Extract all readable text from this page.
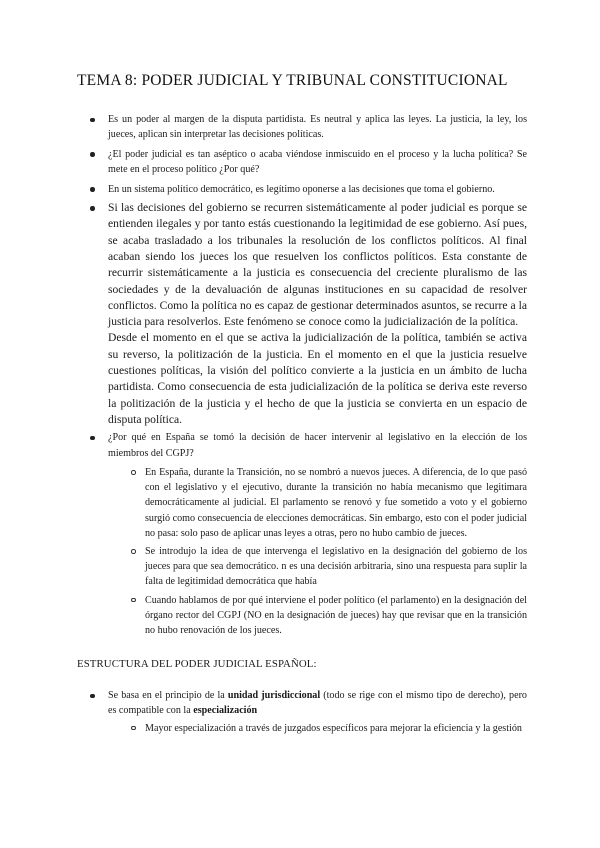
TEMA 8: PODER JUDICIAL Y TRIBUNAL CONSTITUCIONAL
Es un poder al margen de la disputa partidista. Es neutral y aplica las leyes. La justicia, la ley, los jueces, aplican sin interpretar las decisiones políticas.
¿El poder judicial es tan aséptico o acaba viéndose inmiscuido en el proceso y la lucha política? Se mete en el proceso político ¿Por qué?
En un sistema político democrático, es legítimo oponerse a las decisiones que toma el gobierno.

Si las decisiones del gobierno se recurren sistemáticamente al poder judicial es porque se entienden ilegales y por tanto estás cuestionando la legitimidad de ese gobierno. Así pues, se acaba trasladado a los tribunales la resolución de los conflictos políticos. Al final acaban siendo los jueces los que resuelven los conflictos políticos. Esta constante de recurrir sistemáticamente a la justicia es consecuencia del creciente pluralismo de las sociedades y de la devaluación de algunas instituciones en su capacidad de resolver conflictos. Como la política no es capaz de gestionar determinados asuntos, se recurre a la justicia para resolverlos. Este fenómeno se conoce como la judicialización de la política.

Desde el momento en el que se activa la judicialización de la política, también se activa su reverso, la politización de la justicia. En el momento en el que la justicia resuelve cuestiones políticas, la visión del político convierte a la justicia en un ámbito de lucha partidista. Como consecuencia de esta judicialización de la política se deriva este reverso la politización de la justicia y el hecho de que la justicia se convierta en un espacio de disputa política.

¿Por qué en España se tomó la decisión de hacer intervenir al legislativo en la elección de los miembros del CGPJ?
En España, durante la Transición, no se nombró a nuevos jueces. A diferencia, de lo que pasó con el legislativo y el ejecutivo, durante la transición no había mecanismo que legitimara democráticamente al judicial. El parlamento se renovó y fue sometido a voto y el gobierno surgió como consecuencia de elecciones democráticas. Sin embargo, esto con el poder judicial no pasa: solo paso de aplicar unas leyes a otras, pero no hubo cambio de jueces.
Se introdujo la idea de que intervenga el legislativo en la designación del gobierno de los jueces para que sea democrático. n es una decisión arbitraria, sino una respuesta para suplir la falta de legitimidad democrática que había
Cuando hablamos de por qué interviene el poder político (el parlamento) en la designación del órgano rector del CGPJ (NO en la designación de jueces) hay que revisar que en la transición no hubo renovación de los jueces.
ESTRUCTURA DEL PODER JUDICIAL ESPAÑOL:
Se basa en el principio de la unidad jurisdiccional (todo se rige con el mismo tipo de derecho), pero es compatible con la especialización
Mayor especialización a través de juzgados específicos para mejorar la eficiencia y la gestión
